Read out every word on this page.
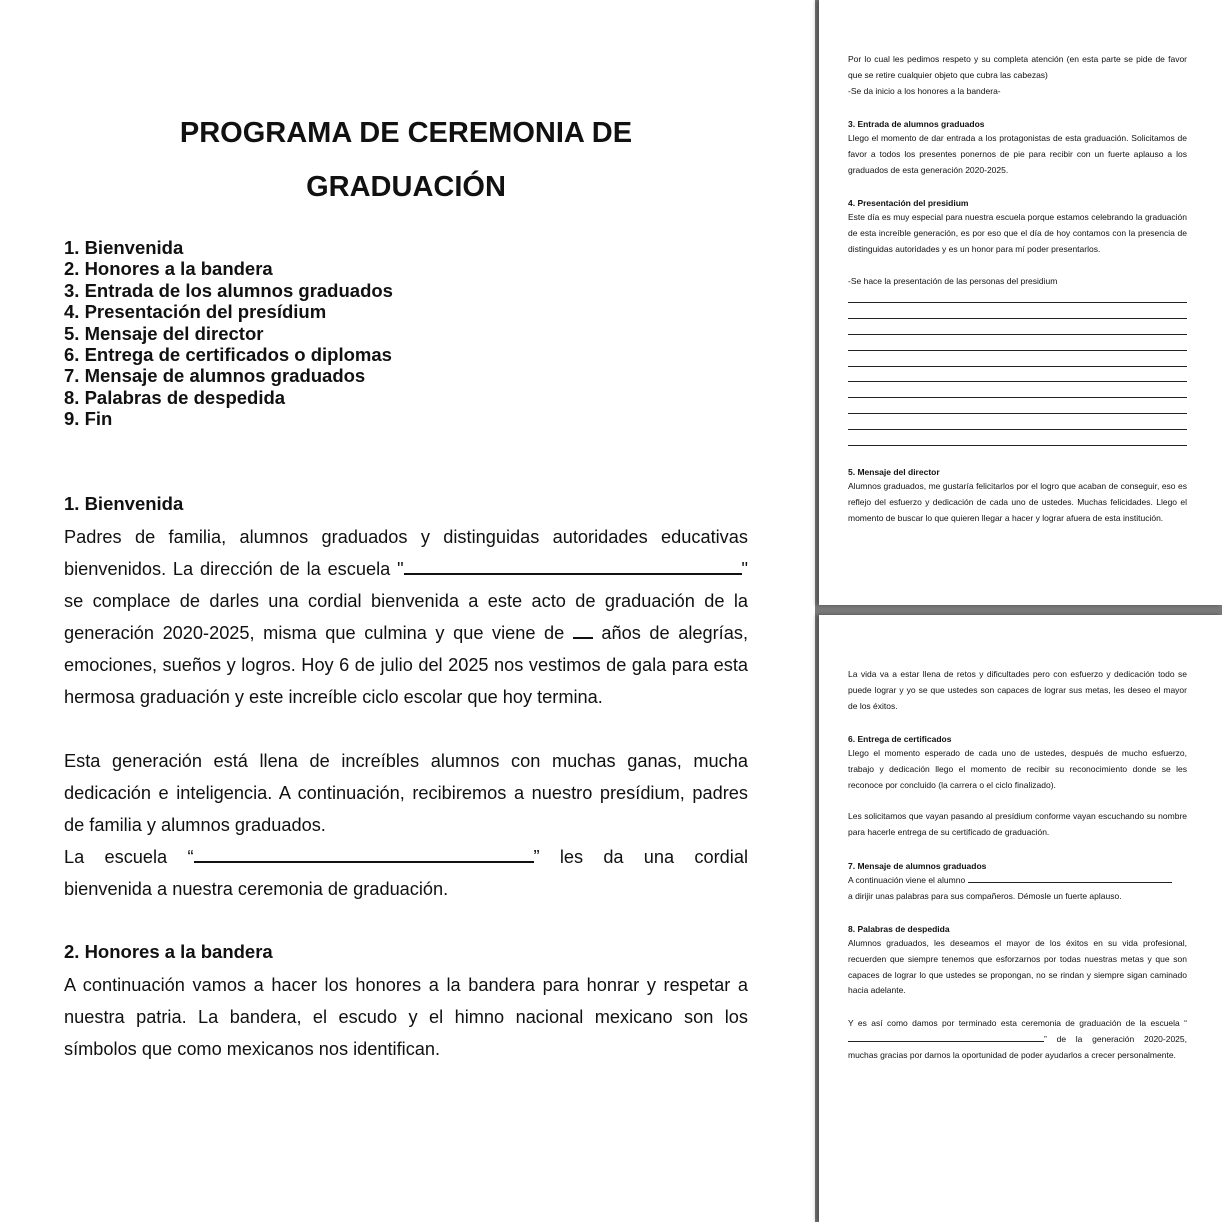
PROGRAMA DE CEREMONIA DE
GRADUACIÓN
1. Bienvenida
2. Honores a la bandera
3. Entrada de los alumnos graduados
4. Presentación del presídium
5. Mensaje del director
6. Entrega de certificados o diplomas
7. Mensaje de alumnos graduados
8. Palabras de despedida
9. Fin
1. Bienvenida

Padres de familia, alumnos graduados y distinguidas autoridades educativas bienvenidos. La dirección de la escuela "	" se complace de darles una cordial bienvenida a este acto de graduación de la generación 2020-2025, misma que culmina y que viene de  años de alegrías, emociones, sueños y logros. Hoy 6 de julio del 2025 nos vestimos de gala para esta hermosa graduación y este increíble ciclo escolar que hoy termina.

Esta generación está llena de increíbles alumnos con muchas ganas, mucha dedicación e inteligencia. A continuación, recibiremos a nuestro presídium, padres de familia y alumnos graduados.

La escuela “	” les da una cordial
bienvenida a nuestra ceremonia de graduación.
2. Honores a la bandera

A continuación vamos a hacer los honores a la bandera para honrar y respetar a nuestra patria. La bandera, el escudo y el himno nacional mexicano son los símbolos que como mexicanos nos identifican.

Por lo cual les pedimos respeto y su completa atención (en esta parte se pide de favor que se retire cualquier objeto que cubra las cabezas)

-Se da inicio a los honores a la bandera-

3. Entrada de alumnos graduados

Llego el momento de dar entrada a los protagonistas de esta graduación. Solicitamos de favor a todos los presentes ponernos de pie para recibir con un fuerte aplauso a los graduados de esta generación 2020-2025.

4. Presentación del presidium

Este día es muy especial para nuestra escuela porque estamos celebrando la graduación de esta increíble generación, es por eso que el día de hoy contamos con la presencia de distinguidas autoridades y es un honor para mí poder presentarlos.

-Se hace la presentación de las personas del presidium

5. Mensaje del director

Alumnos graduados, me gustaría felicitarlos por el logro que acaban de conseguir, eso es reflejo del esfuerzo y dedicación de cada uno de ustedes. Muchas felicidades. Llego el momento de buscar lo que quieren llegar a hacer y lograr afuera de esta institución.

La vida va a estar llena de retos y dificultades pero con esfuerzo y dedicación todo se puede lograr y yo se que ustedes son capaces de lograr sus metas, les deseo el mayor de los éxitos.

6. Entrega de certificados

Llego el momento esperado de cada uno de ustedes, después de mucho esfuerzo, trabajo y dedicación llego el momento de recibir su reconocimiento donde se les reconoce por concluido (la carrera o el ciclo finalizado).

Les solicitamos que vayan pasando al presídium conforme vayan escuchando su nombre para hacerle entrega de su certificado de graduación.

7. Mensaje de alumnos graduados

A continuación viene el alumno
a dirijir unas palabras para sus compañeros. Démosle un fuerte aplauso.

8. Palabras de despedida

Alumnos graduados, les deseamos el mayor de los éxitos en su vida profesional, recuerden que siempre tenemos que esforzarnos por todas nuestras metas y que son capaces de lograr lo que ustedes se propongan, no se rindan y siempre sigan caminado hacia adelante.

Y es así como damos por terminado esta ceremonia de graduación de la escuela “” de la generación 2020-2025, muchas gracias por darnos la oportunidad de poder ayudarlos a crecer personalmente.
